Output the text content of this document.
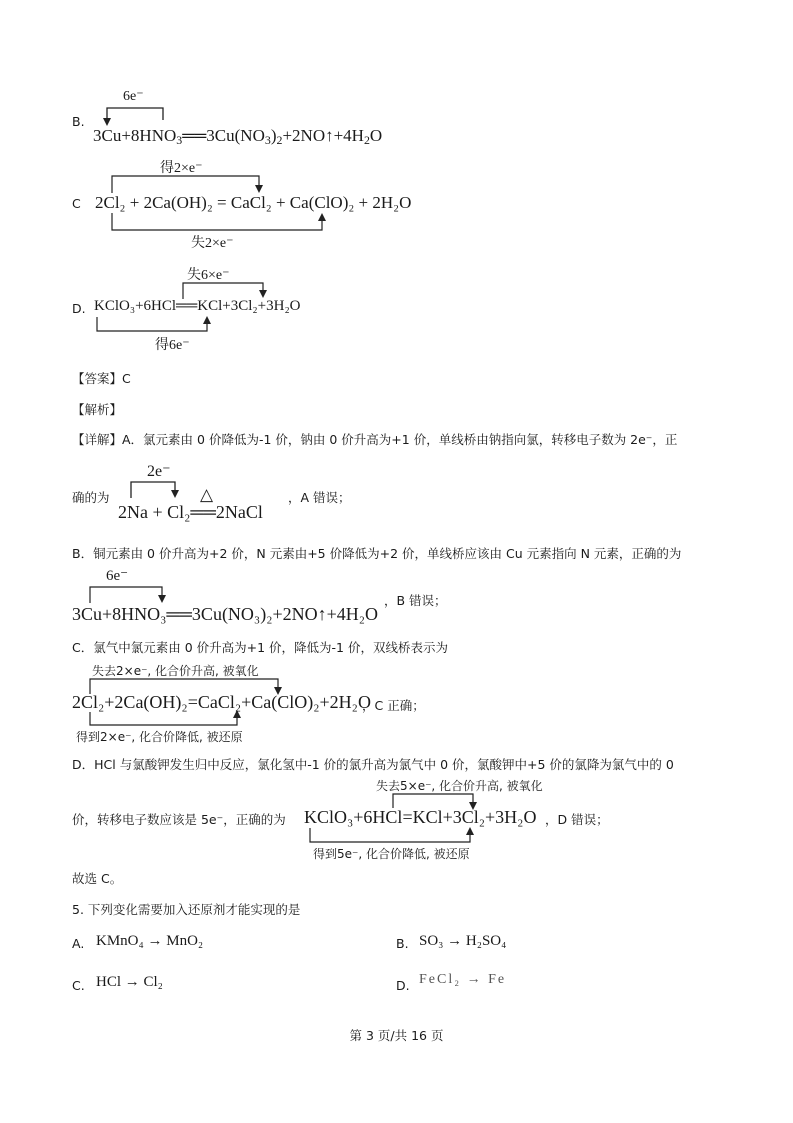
B.
6e⁻
$3Cu+8HNO_3══3Cu(NO_3)_2+2NO↑+4H_2O$
得2×e⁻
C 2Cl₂ + 2Ca(OH)₂ = CaCl₂ + Ca(ClO)₂ + 2H₂O
失2×e⁻
失6×e⁻
D. KClO₃+6HCl══KCl+3Cl₂+3H₂O
得6e⁻
【答案】C
【解析】
【详解】A．氯元素由 0 价降低为-1 价，钠由 0 价升高为+1 价，单线桥由钠指向氯，转移电子数为 2e⁻，正
确的为
2e⁻
△
2Na + Cl₂══2NaCl
，A 错误；
B．铜元素由 0 价升高为+2 价，N 元素由+5 价降低为+2 价，单线桥应该由 Cu 元素指向 N 元素，正确的为
6e⁻
3Cu+8HNO₃══3Cu(NO₃)₂+2NO↑+4H₂O
，B 错误；
C．氯气中氯元素由 0 价升高为+1 价，降低为-1 价，双线桥表示为
失去2×e⁻, 化合价升高, 被氧化
2Cl₂+2Ca(OH)₂=CaCl₂+Ca(ClO)₂+2H₂O
，C 正确；
得到2×e⁻, 化合价降低, 被还原
D．HCl 与氯酸钾发生归中反应，氯化氢中-1 价的氯升高为氯气中 0 价，氯酸钾中+5 价的氯降为氯气中的 0
失去5×e⁻, 化合价升高, 被氧化
价，转移电子数应该是 5e⁻，正确的为 KClO₃+6HCl=KCl+3Cl₂+3H₂O ，D 错误；
得到5e⁻, 化合价降低, 被还原
故选 C。
5. 下列变化需要加入还原剂才能实现的是
A. KMnO₄ → MnO₂	B. SO₃ → H₂SO₄
C. HCl → Cl₂	D. FeCl₂ → Fe
第 3 页/共 16 页
